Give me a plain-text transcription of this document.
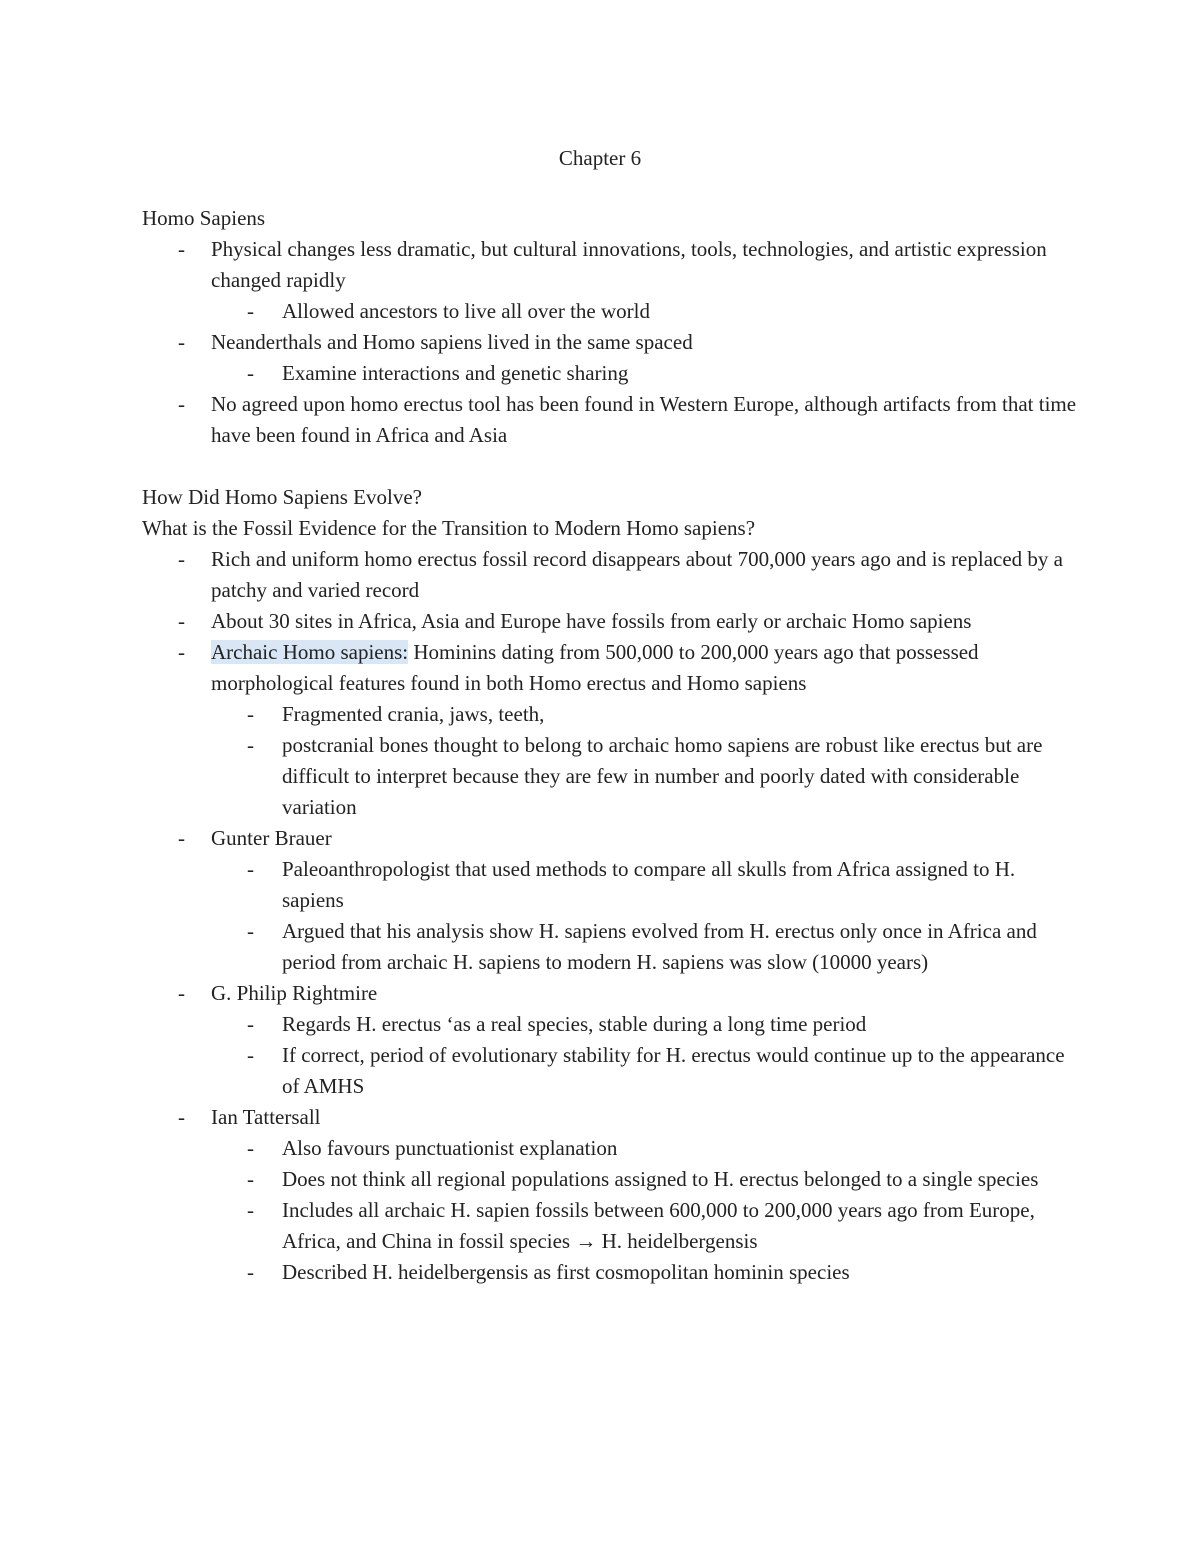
Chapter 6

Homo Sapiens

- Physical changes less dramatic, but cultural innovations, tools, technologies, and artistic expression changed rapidly
- Allowed ancestors to live all over the world
- Neanderthals and Homo sapiens lived in the same spaced
- Examine interactions and genetic sharing
- No agreed upon homo erectus tool has been found in Western Europe, although artifacts from that time have been found in Africa and Asia

How Did Homo Sapiens Evolve?

What is the Fossil Evidence for the Transition to Modern Homo sapiens?

- Rich and uniform homo erectus fossil record disappears about 700,000 years ago and is replaced by a patchy and varied record
- About 30 sites in Africa, Asia and Europe have fossils from early or archaic Homo sapiens
- Archaic Homo sapiens: Hominins dating from 500,000 to 200,000 years ago that possessed morphological features found in both Homo erectus and Homo sapiens
- Fragmented crania, jaws, teeth,
- postcranial bones thought to belong to archaic homo sapiens are robust like erectus but are difficult to interpret because they are few in number and poorly dated with considerable variation
- Gunter Brauer
- Paleoanthropologist that used methods to compare all skulls from Africa assigned to H. sapiens
- Argued that his analysis show H. sapiens evolved from H. erectus only once in Africa and period from archaic H. sapiens to modern H. sapiens was slow (10000 years)
- G. Philip Rightmire
- Regards H. erectus ‘as a real species, stable during a long time period
- If correct, period of evolutionary stability for H. erectus would continue up to the appearance of AMHS
- Ian Tattersall
- Also favours punctuationist explanation
- Does not think all regional populations assigned to H. erectus belonged to a single species
- Includes all archaic H. sapien fossils between 600,000 to 200,000 years ago from Europe, Africa, and China in fossil species → H. heidelbergensis
- Described H. heidelbergensis as first cosmopolitan hominin species
